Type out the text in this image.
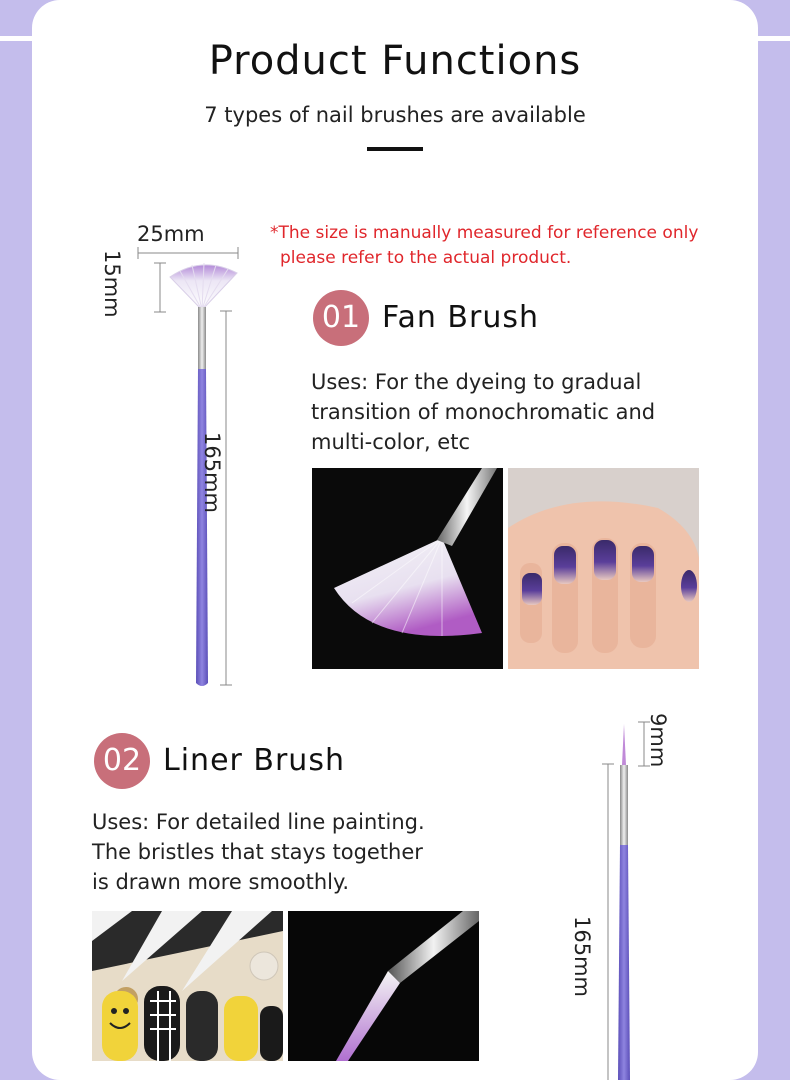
Product Functions
7 types of nail brushes are available
*The size is manually measured for reference only
please refer to the actual product.
25mm
15mm
165mm
01 Fan Brush
Uses: For the dyeing to gradual
transition of monochromatic and
multi-color, etc
02 Liner Brush
Uses: For detailed line painting.
The bristles that stays together
is drawn more smoothly.
9mm
165mm
